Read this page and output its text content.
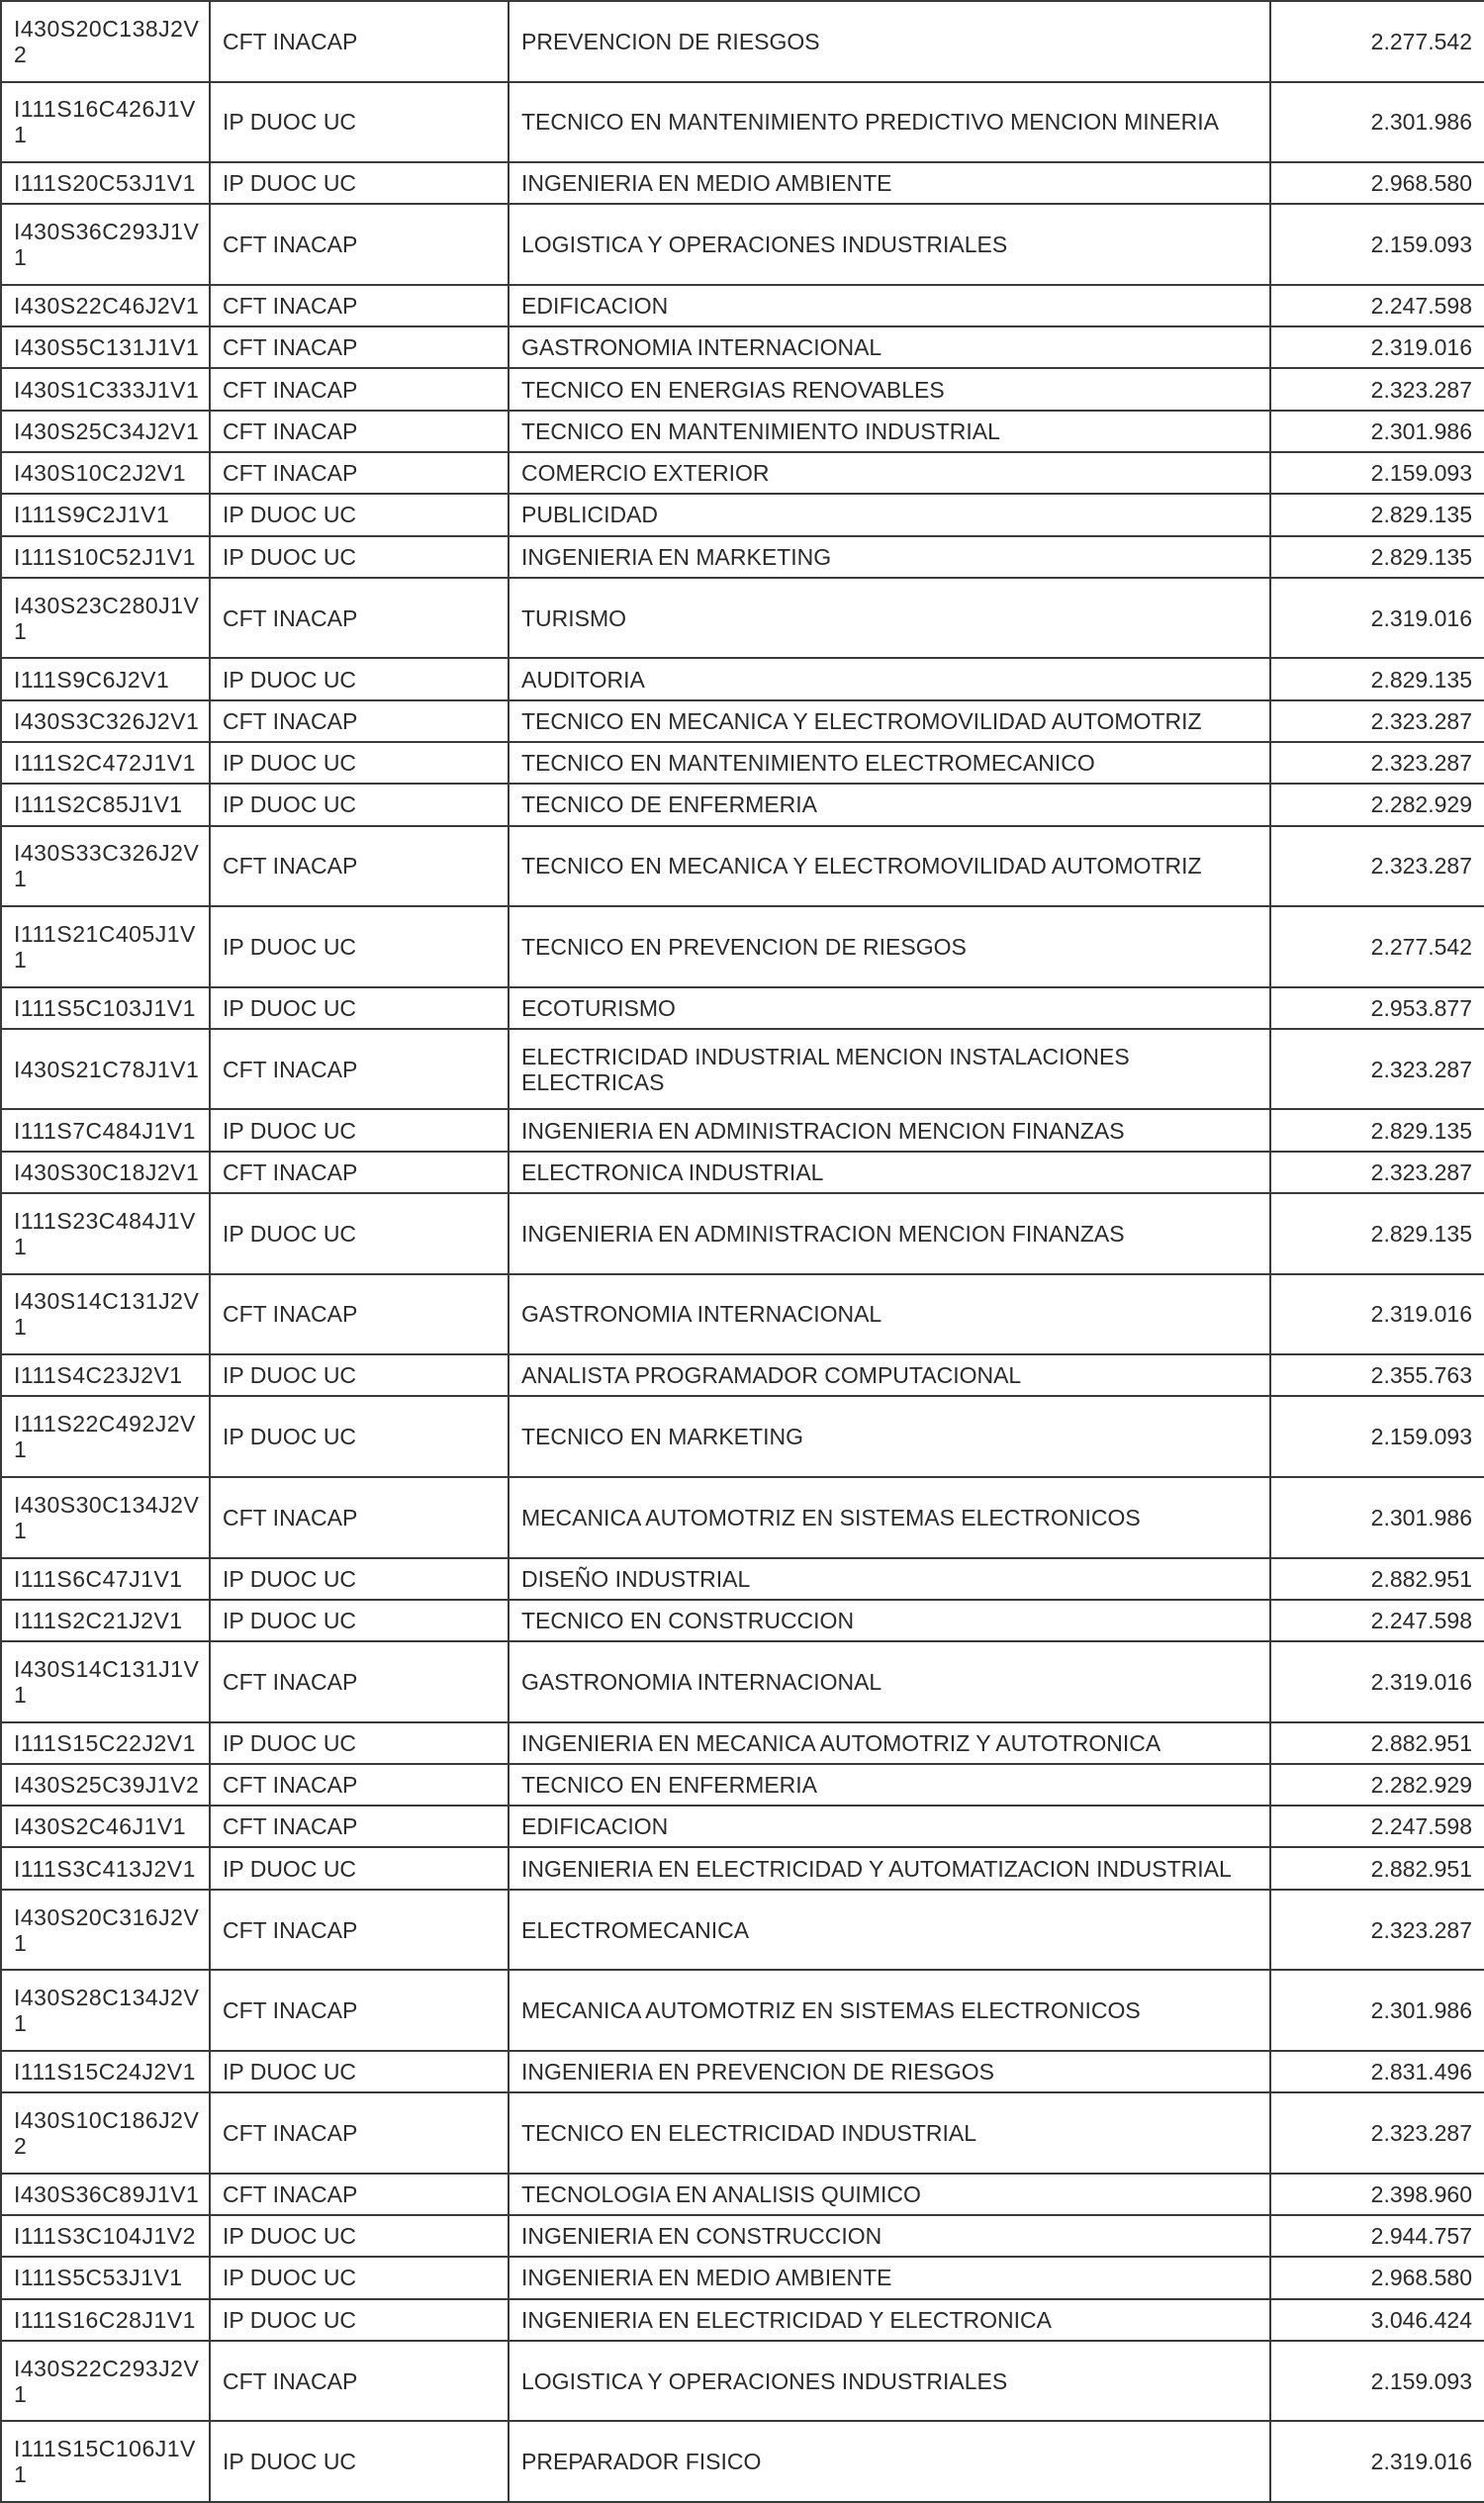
I430S20C138J2V2	CFT INACAP	PREVENCION DE RIESGOS	2.277.542
I111S16C426J1V1	IP DUOC UC	TECNICO EN MANTENIMIENTO PREDICTIVO MENCION MINERIA	2.301.986
I111S20C53J1V1	IP DUOC UC	INGENIERIA EN MEDIO AMBIENTE	2.968.580
I430S36C293J1V1	CFT INACAP	LOGISTICA Y OPERACIONES INDUSTRIALES	2.159.093
I430S22C46J2V1	CFT INACAP	EDIFICACION	2.247.598
I430S5C131J1V1	CFT INACAP	GASTRONOMIA INTERNACIONAL	2.319.016
I430S1C333J1V1	CFT INACAP	TECNICO EN ENERGIAS RENOVABLES	2.323.287
I430S25C34J2V1	CFT INACAP	TECNICO EN MANTENIMIENTO INDUSTRIAL	2.301.986
I430S10C2J2V1	CFT INACAP	COMERCIO EXTERIOR	2.159.093
I111S9C2J1V1	IP DUOC UC	PUBLICIDAD	2.829.135
I111S10C52J1V1	IP DUOC UC	INGENIERIA EN MARKETING	2.829.135
I430S23C280J1V1	CFT INACAP	TURISMO	2.319.016
I111S9C6J2V1	IP DUOC UC	AUDITORIA	2.829.135
I430S3C326J2V1	CFT INACAP	TECNICO EN MECANICA Y ELECTROMOVILIDAD AUTOMOTRIZ	2.323.287
I111S2C472J1V1	IP DUOC UC	TECNICO EN MANTENIMIENTO ELECTROMECANICO	2.323.287
I111S2C85J1V1	IP DUOC UC	TECNICO DE ENFERMERIA	2.282.929
I430S33C326J2V1	CFT INACAP	TECNICO EN MECANICA Y ELECTROMOVILIDAD AUTOMOTRIZ	2.323.287
I111S21C405J1V1	IP DUOC UC	TECNICO EN PREVENCION DE RIESGOS	2.277.542
I111S5C103J1V1	IP DUOC UC	ECOTURISMO	2.953.877
I430S21C78J1V1	CFT INACAP	ELECTRICIDAD INDUSTRIAL MENCION INSTALACIONES ELECTRICAS	2.323.287
I111S7C484J1V1	IP DUOC UC	INGENIERIA EN ADMINISTRACION MENCION FINANZAS	2.829.135
I430S30C18J2V1	CFT INACAP	ELECTRONICA INDUSTRIAL	2.323.287
I111S23C484J1V1	IP DUOC UC	INGENIERIA EN ADMINISTRACION MENCION FINANZAS	2.829.135
I430S14C131J2V1	CFT INACAP	GASTRONOMIA INTERNACIONAL	2.319.016
I111S4C23J2V1	IP DUOC UC	ANALISTA PROGRAMADOR COMPUTACIONAL	2.355.763
I111S22C492J2V1	IP DUOC UC	TECNICO EN MARKETING	2.159.093
I430S30C134J2V1	CFT INACAP	MECANICA AUTOMOTRIZ EN SISTEMAS ELECTRONICOS	2.301.986
I111S6C47J1V1	IP DUOC UC	DISEÑO INDUSTRIAL	2.882.951
I111S2C21J2V1	IP DUOC UC	TECNICO EN CONSTRUCCION	2.247.598
I430S14C131J1V1	CFT INACAP	GASTRONOMIA INTERNACIONAL	2.319.016
I111S15C22J2V1	IP DUOC UC	INGENIERIA EN MECANICA AUTOMOTRIZ Y AUTOTRONICA	2.882.951
I430S25C39J1V2	CFT INACAP	TECNICO EN ENFERMERIA	2.282.929
I430S2C46J1V1	CFT INACAP	EDIFICACION	2.247.598
I111S3C413J2V1	IP DUOC UC	INGENIERIA EN ELECTRICIDAD Y AUTOMATIZACION INDUSTRIAL	2.882.951
I430S20C316J2V1	CFT INACAP	ELECTROMECANICA	2.323.287
I430S28C134J2V1	CFT INACAP	MECANICA AUTOMOTRIZ EN SISTEMAS ELECTRONICOS	2.301.986
I111S15C24J2V1	IP DUOC UC	INGENIERIA EN PREVENCION DE RIESGOS	2.831.496
I430S10C186J2V2	CFT INACAP	TECNICO EN ELECTRICIDAD INDUSTRIAL	2.323.287
I430S36C89J1V1	CFT INACAP	TECNOLOGIA EN ANALISIS QUIMICO	2.398.960
I111S3C104J1V2	IP DUOC UC	INGENIERIA EN CONSTRUCCION	2.944.757
I111S5C53J1V1	IP DUOC UC	INGENIERIA EN MEDIO AMBIENTE	2.968.580
I111S16C28J1V1	IP DUOC UC	INGENIERIA EN ELECTRICIDAD Y ELECTRONICA	3.046.424
I430S22C293J2V1	CFT INACAP	LOGISTICA Y OPERACIONES INDUSTRIALES	2.159.093
I111S15C106J1V1	IP DUOC UC	PREPARADOR FISICO	2.319.016
